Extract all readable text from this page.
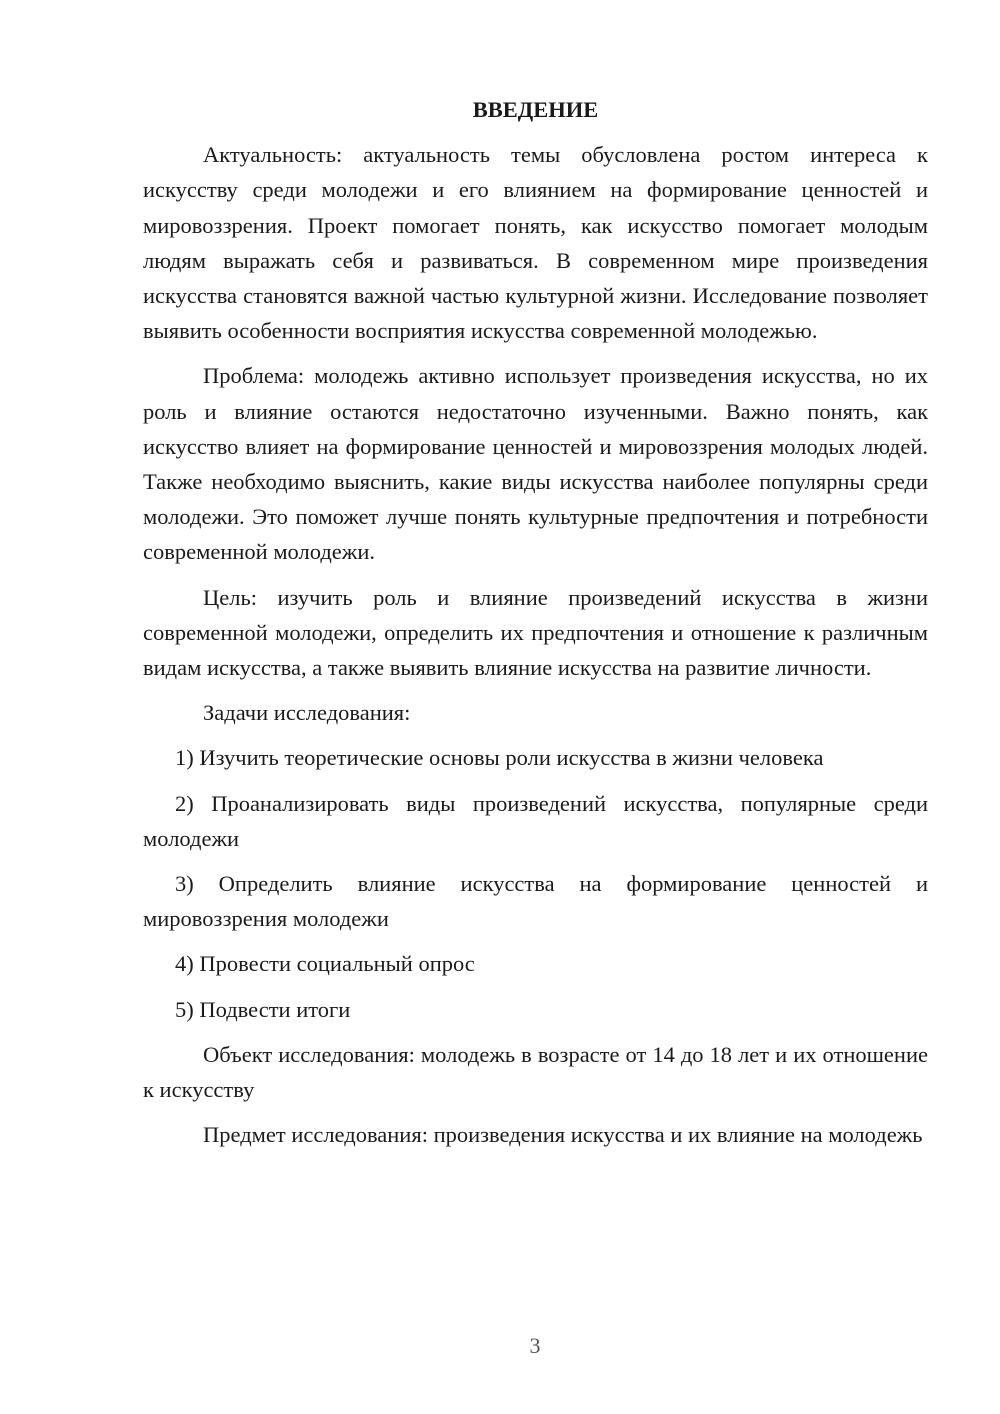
ВВЕДЕНИЕ

Актуальность: актуальность темы обусловлена ростом интереса к искусству среди молодежи и его влиянием на формирование ценностей и мировоззрения. Проект помогает понять, как искусство помогает молодым людям выражать себя и развиваться. В современном мире произведения искусства становятся важной частью культурной жизни. Исследование позволяет выявить особенности восприятия искусства современной молодежью.

Проблема: молодежь активно использует произведения искусства, но их роль и влияние остаются недостаточно изученными. Важно понять, как искусство влияет на формирование ценностей и мировоззрения молодых людей. Также необходимо выяснить, какие виды искусства наиболее популярны среди молодежи. Это поможет лучше понять культурные предпочтения и потребности современной молодежи.

Цель: изучить роль и влияние произведений искусства в жизни современной молодежи, определить их предпочтения и отношение к различным видам искусства, а также выявить влияние искусства на развитие личности.

Задачи исследования:

1) Изучить теоретические основы роли искусства в жизни человека

2) Проанализировать виды произведений искусства, популярные среди молодежи

3) Определить влияние искусства на формирование ценностей и мировоззрения молодежи

4) Провести социальный опрос

5) Подвести итоги

Объект исследования: молодежь в возрасте от 14 до 18 лет и их отношение к искусству

Предмет исследования: произведения искусства и их влияние на молодежь

3
